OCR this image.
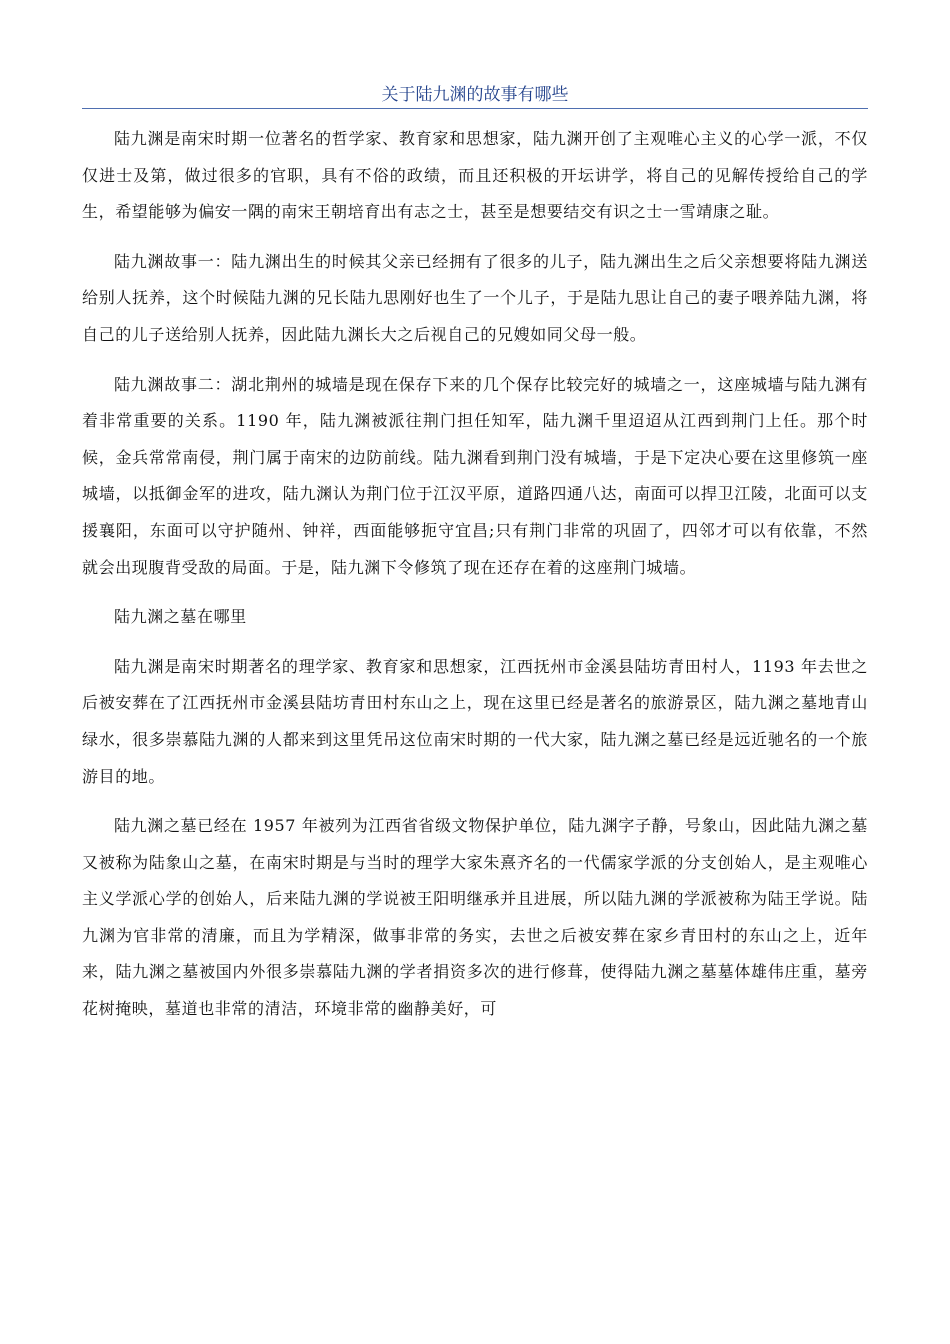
关于陆九渊的故事有哪些

陆九渊是南宋时期一位著名的哲学家、教育家和思想家，陆九渊开创了主观唯心主义的心学一派，不仅仅进士及第，做过很多的官职，具有不俗的政绩，而且还积极的开坛讲学，将自己的见解传授给自己的学生，希望能够为偏安一隅的南宋王朝培育出有志之士，甚至是想要结交有识之士一雪靖康之耻。

陆九渊故事一：陆九渊出生的时候其父亲已经拥有了很多的儿子，陆九渊出生之后父亲想要将陆九渊送给别人抚养，这个时候陆九渊的兄长陆九思刚好也生了一个儿子，于是陆九思让自己的妻子喂养陆九渊，将自己的儿子送给别人抚养，因此陆九渊长大之后视自己的兄嫂如同父母一般。

陆九渊故事二：湖北荆州的城墙是现在保存下来的几个保存比较完好的城墙之一，这座城墙与陆九渊有着非常重要的关系。1190 年，陆九渊被派往荆门担任知军，陆九渊千里迢迢从江西到荆门上任。那个时候，金兵常常南侵，荆门属于南宋的边防前线。陆九渊看到荆门没有城墙，于是下定决心要在这里修筑一座城墙，以抵御金军的进攻，陆九渊认为荆门位于江汉平原，道路四通八达，南面可以捍卫江陵，北面可以支援襄阳，东面可以守护随州、钟祥，西面能够扼守宜昌;只有荆门非常的巩固了，四邻才可以有依靠，不然就会出现腹背受敌的局面。于是，陆九渊下令修筑了现在还存在着的这座荆门城墙。

陆九渊之墓在哪里

陆九渊是南宋时期著名的理学家、教育家和思想家，江西抚州市金溪县陆坊青田村人，1193 年去世之后被安葬在了江西抚州市金溪县陆坊青田村东山之上，现在这里已经是著名的旅游景区，陆九渊之墓地青山绿水，很多崇慕陆九渊的人都来到这里凭吊这位南宋时期的一代大家，陆九渊之墓已经是远近驰名的一个旅游目的地。

陆九渊之墓已经在 1957 年被列为江西省省级文物保护单位，陆九渊字子静，号象山，因此陆九渊之墓又被称为陆象山之墓，在南宋时期是与当时的理学大家朱熹齐名的一代儒家学派的分支创始人，是主观唯心主义学派心学的创始人，后来陆九渊的学说被王阳明继承并且进展，所以陆九渊的学派被称为陆王学说。陆九渊为官非常的清廉，而且为学精深，做事非常的务实，去世之后被安葬在家乡青田村的东山之上，近年来，陆九渊之墓被国内外很多崇慕陆九渊的学者捐资多次的进行修葺，使得陆九渊之墓墓体雄伟庄重，墓旁花树掩映，墓道也非常的清洁，环境非常的幽静美好，可
